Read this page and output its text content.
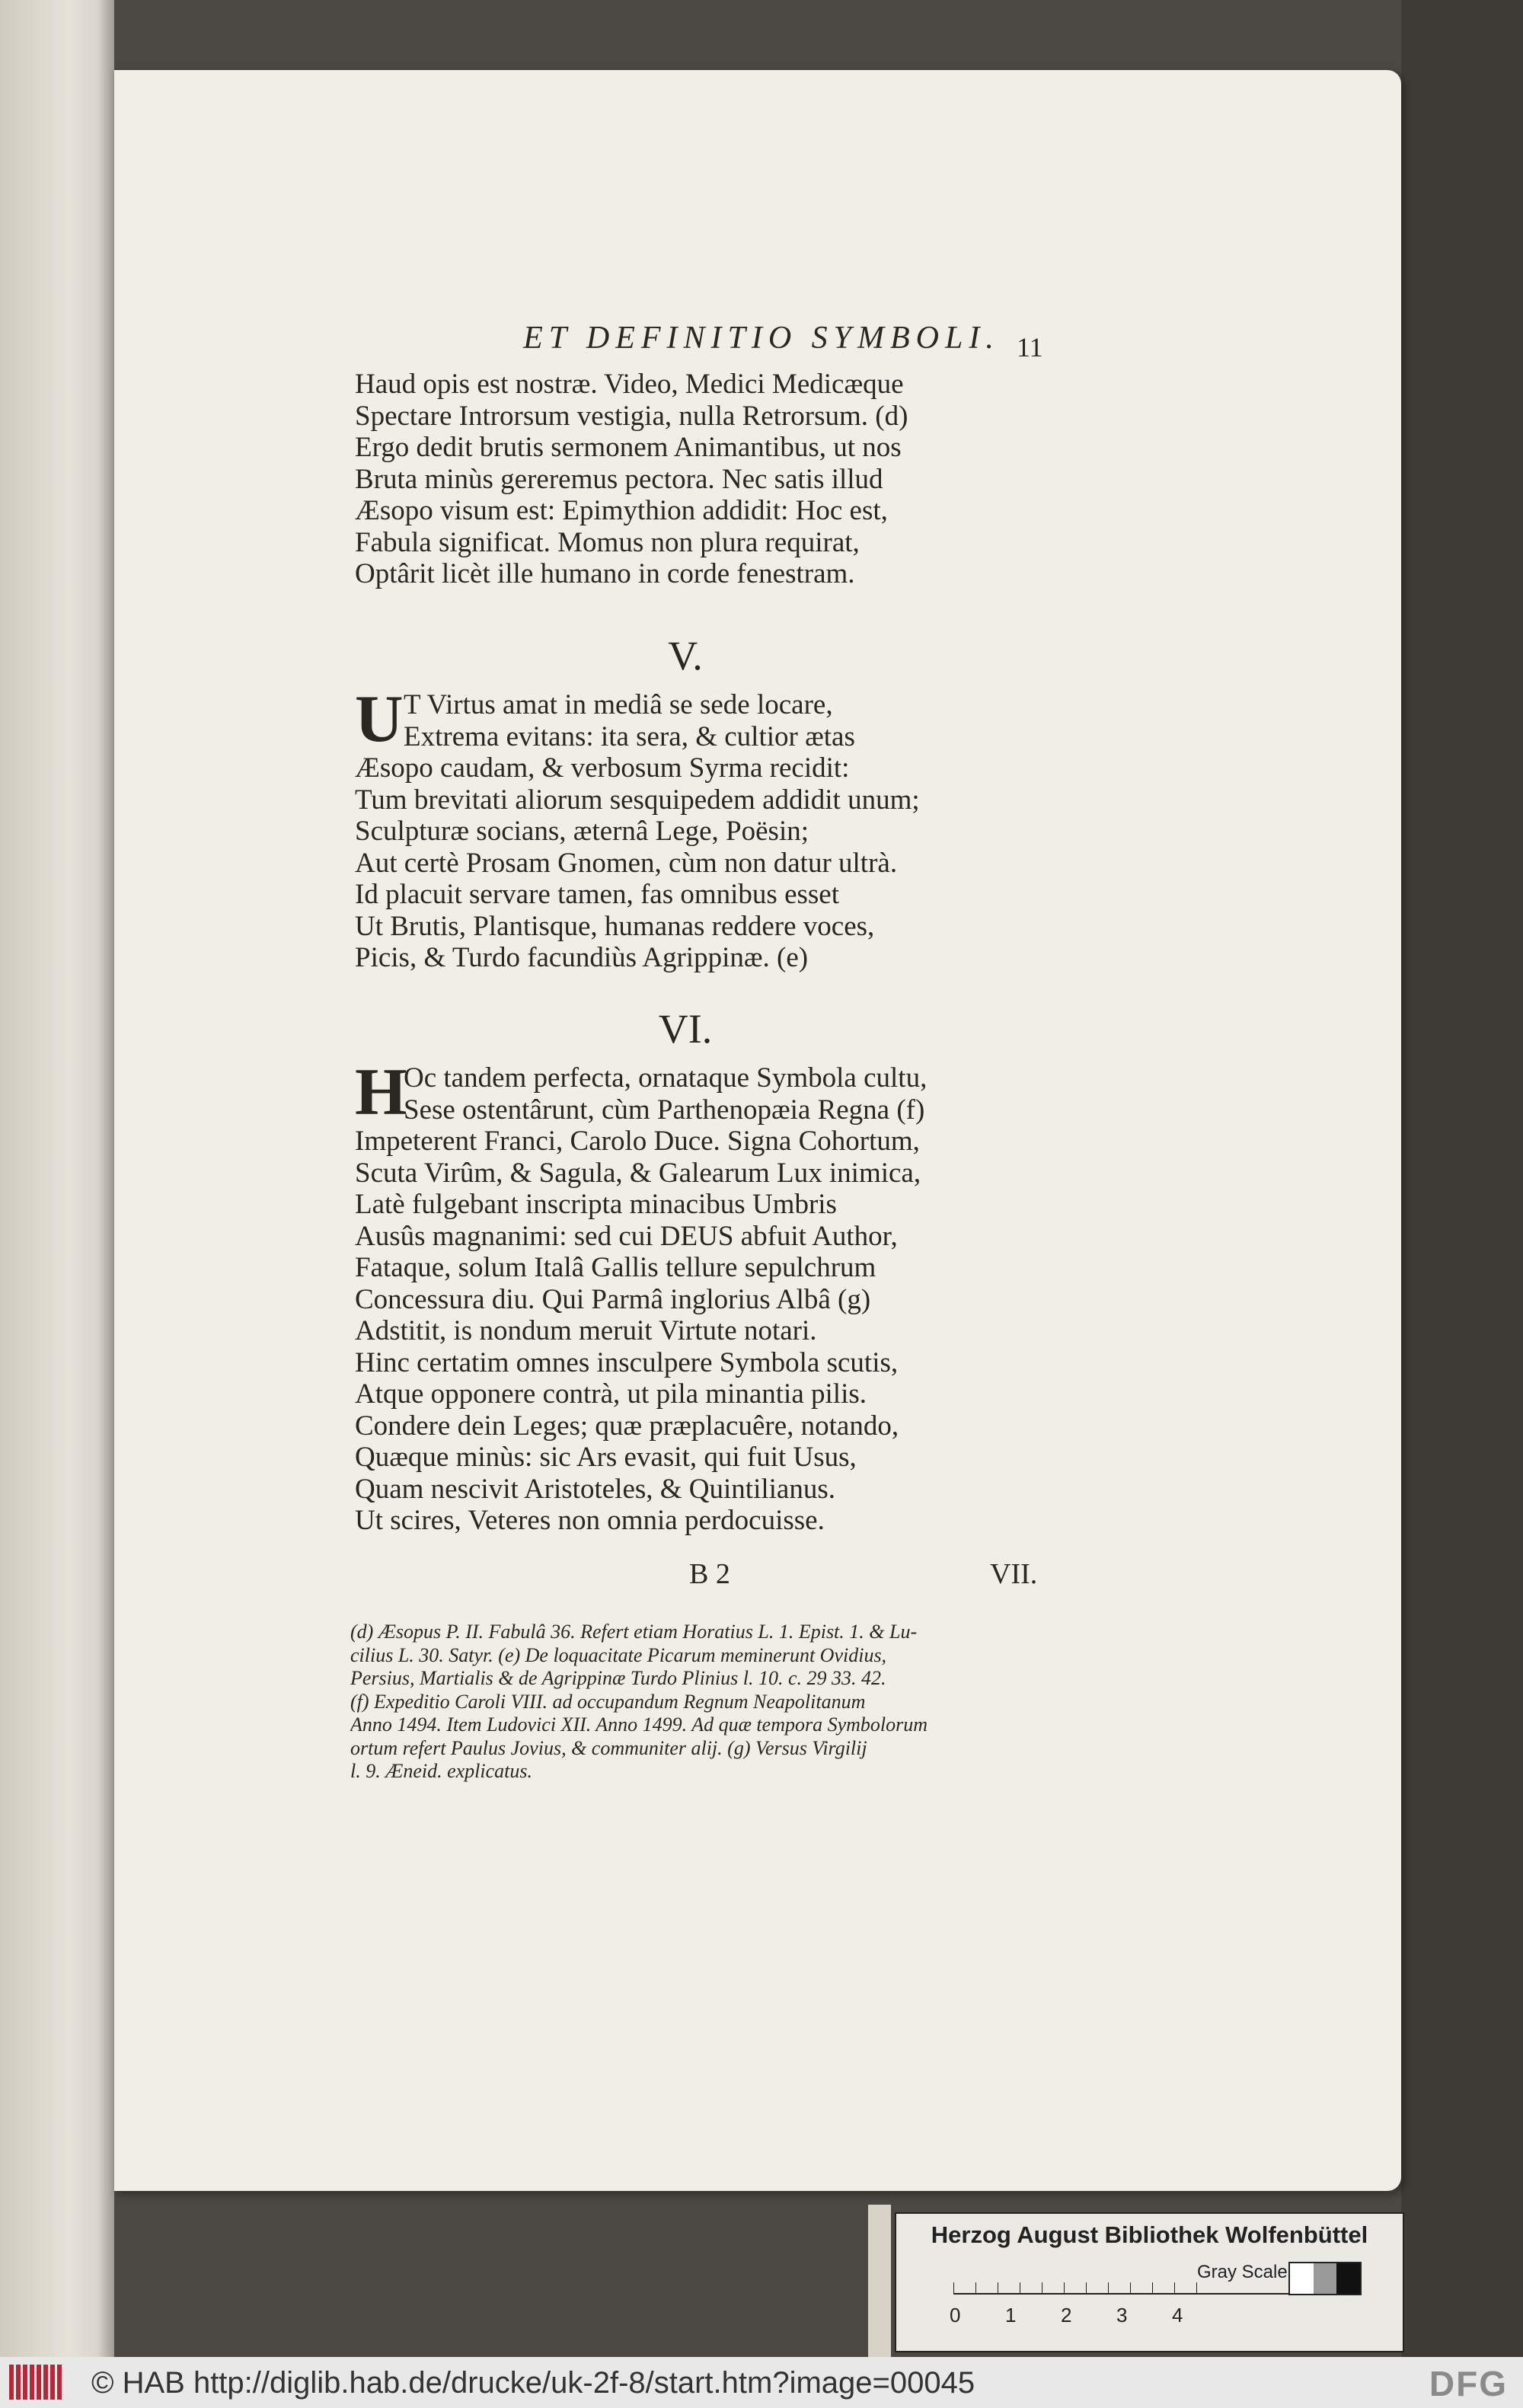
ET DEFINITIO SYMBOLI. 11
Haud opis est nostræ. Video, Medici Medicæque
Spectare Introrsum vestigia, nulla Retrorsum. (d)
Ergo dedit brutis sermonem Animantibus, ut nos
Bruta minùs gereremus pectora. Nec satis illud
Æsopo visum est: Epimythion addidit: Hoc est,
Fabula significat. Momus non plura requirat,
Optârit licèt ille humano in corde fenestram.
V.
U T Virtus amat in mediâ se sede locare,
Extrema evitans: ita sera, & cultior ætas
Æsopo caudam, & verbosum Syrma recidit:
Tum brevitati aliorum sesquipedem addidit unum;
Sculpturæ socians, æternâ Lege, Poësin;
Aut certè Prosam Gnomen, cùm non datur ultrà.
Id placuit servare tamen, fas omnibus esset
Ut Brutis, Plantisque, humanas reddere voces,
Picis, & Turdo facundiùs Agrippinæ. (e)
VI.
H
Oc tandem perfecta, ornataque Symbola cultu,
Sese ostentârunt, cùm Parthenopæia Regna (f)
Impeterent Franci, Carolo Duce. Signa Cohortum,
Scuta Virûm, & Sagula, & Galearum Lux inimica,
Latè fulgebant inscripta minacibus Umbris
Ausûs magnanimi: sed cui DEUS abfuit Author,
Fataque, solum Italâ Gallis tellure sepulchrum
Concessura diu. Qui Parmâ inglorius Albâ (g)
Adstitit, is nondum meruit Virtute notari.
Hinc certatim omnes insculpere Symbola scutis,
Atque opponere contrà, ut pila minantia pilis.
Condere dein Leges; quæ præplacuêre, notando,
Quæque minùs: sic Ars evasit, qui fuit Usus,
Quam nescivit Aristoteles, & Quintilianus.
Ut scires, Veteres non omnia perdocuisse.
B 2	VII.
(d) Æsopus P. II. Fabulâ 36. Refert etiam Horatius L. 1. Epist. 1. & Lu-
cilius L. 30. Satyr. (e) De loquacitate Picarum meminerunt Ovidius,
Persius, Martialis & de Agrippinæ Turdo Plinius l. 10. c. 29 33. 42.
(f) Expeditio Caroli VIII. ad occupandum Regnum Neapolitanum
Anno 1494. Item Ludovici XII. Anno 1499. Ad quæ tempora Symbolorum
ortum refert Paulus Jovius, & communiter alij. (g) Versus Virgilij
l. 9. Æneid. explicatus.
Herzog August Bibliothek Wolfenbüttel
Gray Scale
0 1 2 3 4
© HAB http://diglib.hab.de/drucke/uk-2f-8/start.htm?image=00045	DFG
